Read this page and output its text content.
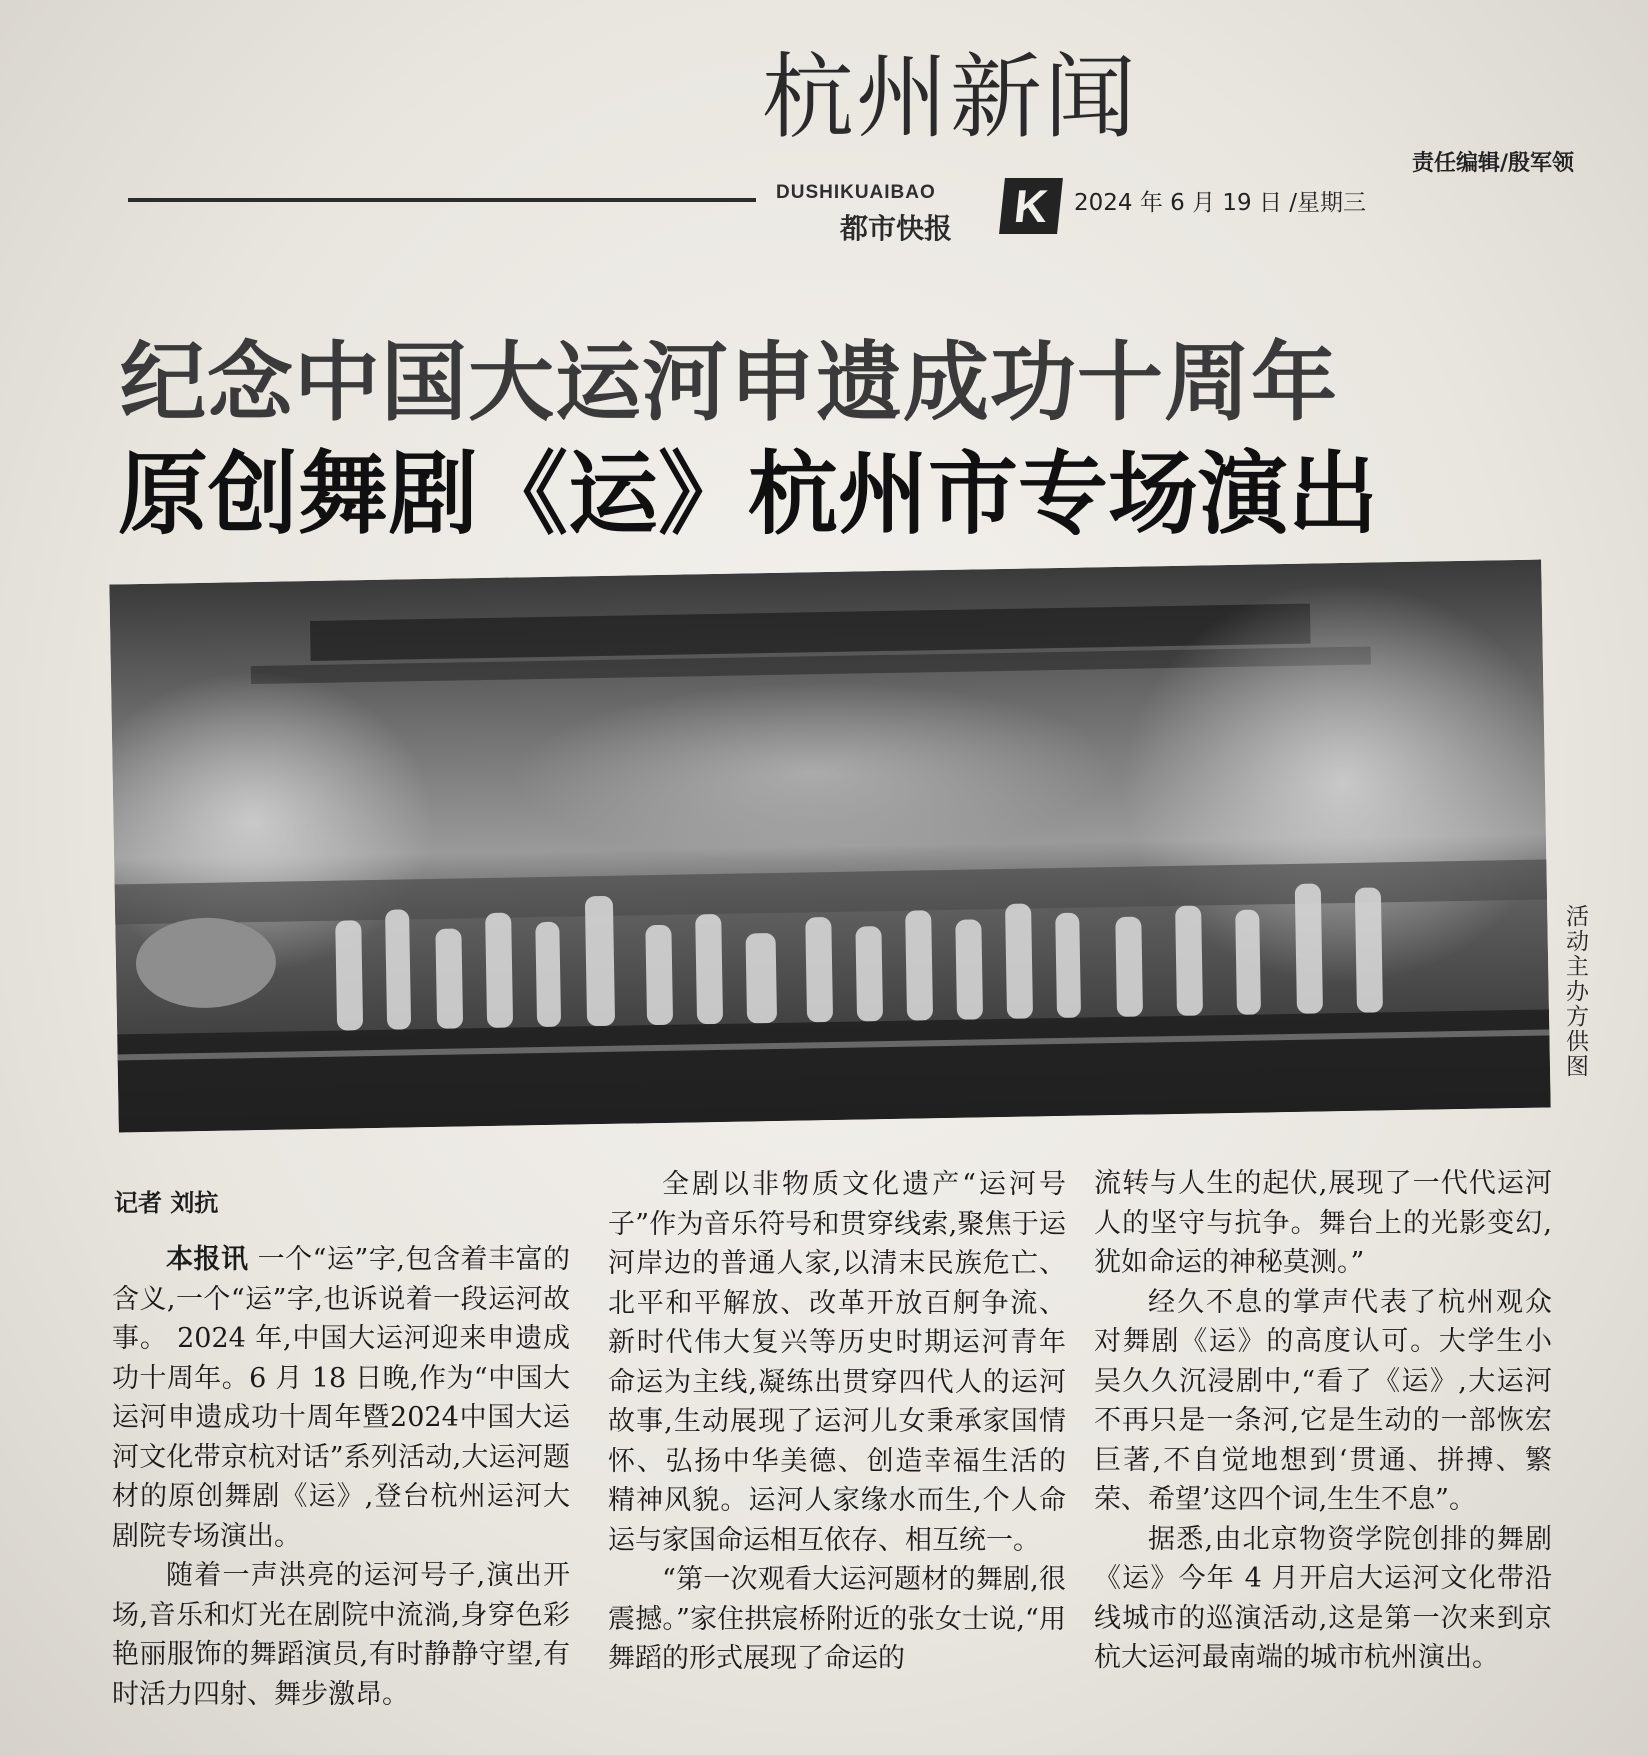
杭州新闻
DUSHIKUAIBAO
都市快报 K	2024 年 6 月 19 日 /星期三
责任编辑/殷军领
纪念中国大运河申遗成功十周年
原创舞剧《运》杭州市专场演出
活动主办方供图
记者 刘抗

本报讯 一个“运”字,包含着丰富的含义,一个“运”字,也诉说着一段运河故事。 2024 年,中国大运河迎来申遗成功十周年。6 月 18 日晚,作为“中国大运河申遗成功十周年暨2024中国大运河文化带京杭对话”系列活动,大运河题材的原创舞剧《运》,登台杭州运河大剧院专场演出。

随着一声洪亮的运河号子,演出开场,音乐和灯光在剧院中流淌,身穿色彩艳丽服饰的舞蹈演员,有时静静守望,有时活力四射、舞步激昂。

全剧以非物质文化遗产“运河号子”作为音乐符号和贯穿线索,聚焦于运河岸边的普通人家,以清末民族危亡、北平和平解放、改革开放百舸争流、新时代伟大复兴等历史时期运河青年命运为主线,凝练出贯穿四代人的运河故事,生动展现了运河儿女秉承家国情怀、弘扬中华美德、创造幸福生活的精神风貌。运河人家缘水而生,个人命运与家国命运相互依存、相互统一。

“第一次观看大运河题材的舞剧,很震撼。”家住拱宸桥附近的张女士说,“用舞蹈的形式展现了命运的

流转与人生的起伏,展现了一代代运河人的坚守与抗争。舞台上的光影变幻,犹如命运的神秘莫测。”

经久不息的掌声代表了杭州观众对舞剧《运》的高度认可。大学生小吴久久沉浸剧中,“看了《运》,大运河不再只是一条河,它是生动的一部恢宏巨著,不自觉地想到‘贯通、拼搏、繁荣、希望’这四个词,生生不息”。

据悉,由北京物资学院创排的舞剧《运》今年 4 月开启大运河文化带沿线城市的巡演活动,这是第一次来到京杭大运河最南端的城市杭州演出。
